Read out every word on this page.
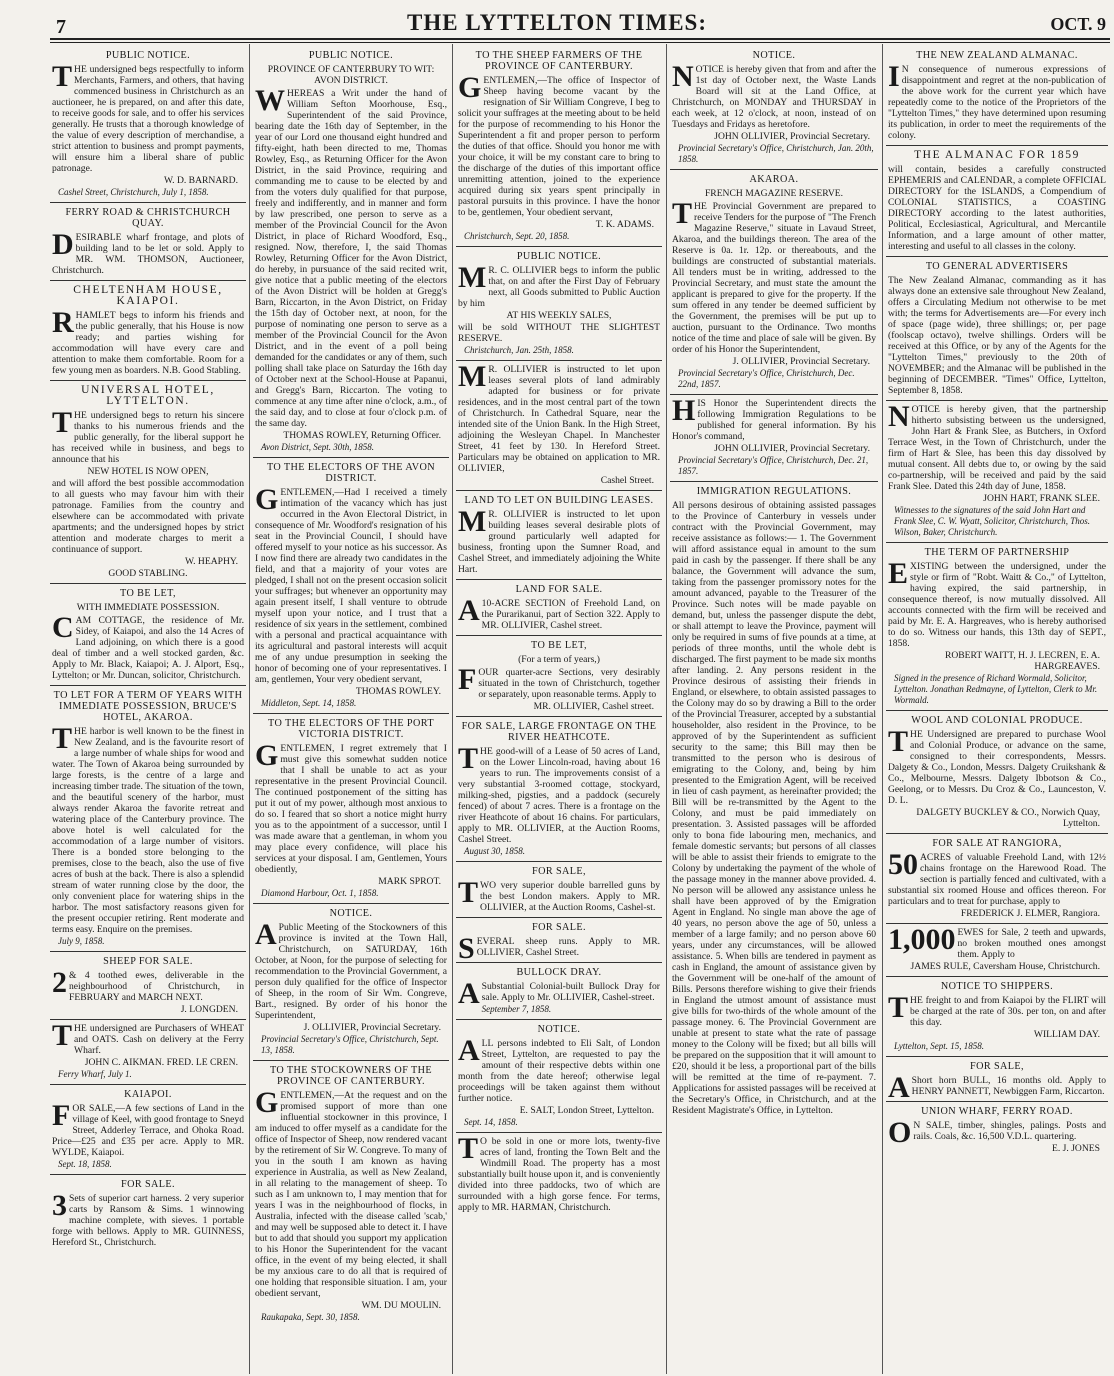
7	THE LYTTELTON TIMES:	OCT. 9
PUBLIC NOTICE.
THE undersigned begs respectfully to inform Merchants, Farmers, and others, that having commenced business in Christchurch as an auctioneer, he is prepared, on and after this date, to receive goods for sale, and to offer his services generally. He trusts that a thorough knowledge of the value of every description of merchandise, a strict attention to business and prompt payments, will ensure him a liberal share of public patronage.
W. D. BARNARD.
Cashel Street, Christchurch, July 1, 1858.
FERRY ROAD & CHRISTCHURCH QUAY.
DESIRABLE wharf frontage, and plots of building land to be let or sold. Apply to MR. WM. THOMSON, Auctioneer, Christchurch.
CHELTENHAM HOUSE, KAIAPOI.
RHAMLET begs to inform his friends and the public generally, that his House is now ready; and parties wishing for accommodation will have every care and attention to make them comfortable. Room for a few young men as boarders. N.B. Good Stabling.
UNIVERSAL HOTEL, LYTTELTON.
THE undersigned begs to return his sincere thanks to his numerous friends and the public generally, for the liberal support he has received while in business, and begs to announce that his
NEW HOTEL IS NOW OPEN,
and will afford the best possible accommodation to all guests who may favour him with their patronage. Families from the country and elsewhere can be accommodated with private apartments; and the undersigned hopes by strict attention and moderate charges to merit a continuance of support.
W. HEAPHY.
GOOD STABLING.
TO BE LET,
WITH IMMEDIATE POSSESSION.
CAM COTTAGE, the residence of Mr. Sidey, of Kaiapoi, and also the 14 Acres of Land adjoining, on which there is a good deal of timber and a well stocked garden, &c. Apply to Mr. Black, Kaiapoi; A. J. Alport, Esq., Lyttelton; or Mr. Duncan, solicitor, Christchurch.
TO LET FOR A TERM OF YEARS WITH IMMEDIATE POSSESSION, BRUCE'S HOTEL, AKAROA.
THE harbor is well known to be the finest in New Zealand, and is the favourite resort of a large number of whale ships for wood and water. The Town of Akaroa being surrounded by large forests, is the centre of a large and increasing timber trade. The situation of the town, and the beautiful scenery of the harbor, must always render Akaroa the favorite retreat and watering place of the Canterbury province. The above hotel is well calculated for the accommodation of a large number of visitors. There is a bonded store belonging to the premises, close to the beach, also the use of five acres of bush at the back. There is also a splendid stream of water running close by the door, the only convenient place for watering ships in the harbor. The most satisfactory reasons given for the present occupier retiring. Rent moderate and terms easy. Enquire on the premises.
July 9, 1858.
SHEEP FOR SALE.
2 & 4 toothed ewes, deliverable in the neighbourhood of Christchurch, in FEBRUARY and MARCH NEXT.
J. LONGDEN.
THE undersigned are Purchasers of WHEAT and OATS. Cash on delivery at the Ferry Wharf.
JOHN C. AIKMAN. FRED. LE CREN.
Ferry Wharf, July 1.
KAIAPOI.
FOR SALE,—A few sections of Land in the village of Keel, with good frontage to Sneyd Street, Adderley Terrace, and Ohoka Road. Price—£25 and £35 per acre. Apply to MR. WYLDE, Kaiapoi.
Sept. 18, 1858.
FOR SALE.
3 Sets of superior cart harness. 2 very superior carts by Ransom & Sims. 1 winnowing machine complete, with sieves. 1 portable forge with bellows. Apply to MR. GUINNESS, Hereford St., Christchurch.
PUBLIC NOTICE.
PROVINCE OF CANTERBURY TO WIT: AVON DISTRICT.
WHEREAS a Writ under the hand of William Sefton Moorhouse, Esq., Superintendent of the said Province, bearing date the 16th day of September, in the year of our Lord one thousand eight hundred and fifty-eight, hath been directed to me, Thomas Rowley, Esq., as Returning Officer for the Avon District, in the said Province, requiring and commanding me to cause to be elected by and from the voters duly qualified for that purpose, freely and indifferently, and in manner and form by law prescribed, one person to serve as a member of the Provincial Council for the Avon District, in place of Richard Woodford, Esq., resigned. Now, therefore, I, the said Thomas Rowley, Returning Officer for the Avon District, do hereby, in pursuance of the said recited writ, give notice that a public meeting of the electors of the Avon District will be holden at Gregg's Barn, Riccarton, in the Avon District, on Friday the 15th day of October next, at noon, for the purpose of nominating one person to serve as a member of the Provincial Council for the Avon District, and in the event of a poll being demanded for the candidates or any of them, such polling shall take place on Saturday the 16th day of October next at the School-House at Papanui, and Gregg's Barn, Riccarton. The voting to commence at any time after nine o'clock, a.m., of the said day, and to close at four o'clock p.m. of the same day.
THOMAS ROWLEY, Returning Officer.
Avon District, Sept. 30th, 1858.
TO THE ELECTORS OF THE AVON DISTRICT.
GENTLEMEN,—Had I received a timely intimation of the vacancy which has just occurred in the Avon Electoral District, in consequence of Mr. Woodford's resignation of his seat in the Provincial Council, I should have offered myself to your notice as his successor. As I now find there are already two candidates in the field, and that a majority of your votes are pledged, I shall not on the present occasion solicit your suffrages; but whenever an opportunity may again present itself, I shall venture to obtrude myself upon your notice, and I trust that a residence of six years in the settlement, combined with a personal and practical acquaintance with its agricultural and pastoral interests will acquit me of any undue presumption in seeking the honor of becoming one of your representatives. I am, gentlemen, Your very obedient servant,
THOMAS ROWLEY.
Middleton, Sept. 14, 1858.
TO THE ELECTORS OF THE PORT VICTORIA DISTRICT.
GENTLEMEN, I regret extremely that I must give this somewhat sudden notice that I shall be unable to act as your representative in the present Provincial Council. The continued postponement of the sitting has put it out of my power, although most anxious to do so. I feared that so short a notice might hurry you as to the appointment of a successor, until I was made aware that a gentleman, in whom you may place every confidence, will place his services at your disposal. I am, Gentlemen, Yours obediently,
MARK SPROT.
Diamond Harbour, Oct. 1, 1858.
NOTICE.
A Public Meeting of the Stockowners of this province is invited at the Town Hall, Christchurch, on SATURDAY, 16th October, at Noon, for the purpose of selecting for recommendation to the Provincial Government, a person duly qualified for the office of Inspector of Sheep, in the room of Sir Wm. Congreve, Bart., resigned. By order of his honor the Superintendent,
J. OLLIVIER, Provincial Secretary.
Provincial Secretary's Office, Christchurch, Sept. 13, 1858.
TO THE STOCKOWNERS OF THE PROVINCE OF CANTERBURY.
GENTLEMEN,—At the request and on the promised support of more than one influential stockowner in this province, I am induced to offer myself as a candidate for the office of Inspector of Sheep, now rendered vacant by the retirement of Sir W. Congreve. To many of you in the south I am known as having experience in Australia, as well as New Zealand, in all relating to the management of sheep. To such as I am unknown to, I may mention that for years I was in the neighbourhood of flocks, in Australia, infected with the disease called 'scab,' and may well be supposed able to detect it. I have but to add that should you support my application to his Honor the Superintendent for the vacant office, in the event of my being elected, it shall be my anxious care to do all that is required of one holding that responsible situation. I am, your obedient servant,
WM. DU MOULIN.
Raukapaka, Sept. 30, 1858.
TO THE SHEEP FARMERS OF THE PROVINCE OF CANTERBURY.
GENTLEMEN,—The office of Inspector of Sheep having become vacant by the resignation of Sir William Congreve, I beg to solicit your suffrages at the meeting about to be held for the purpose of recommending to his Honor the Superintendent a fit and proper person to perform the duties of that office. Should you honor me with your choice, it will be my constant care to bring to the discharge of the duties of this important office unremitting attention, joined to the experience acquired during six years spent principally in pastoral pursuits in this province. I have the honor to be, gentlemen, Your obedient servant,
T. K. ADAMS.
Christchurch, Sept. 20, 1858.
PUBLIC NOTICE.
M R. C. OLLIVIER begs to inform the public that, on and after the First Day of February next, all Goods submitted to Public Auction by him
AT HIS WEEKLY SALES,
will be sold WITHOUT THE SLIGHTEST RESERVE.
Christchurch, Jan. 25th, 1858.
M R. OLLIVIER is instructed to let upon leases several plots of land admirably adapted for business or for private residences, and in the most central part of the town of Christchurch. In Cathedral Square, near the intended site of the Union Bank. In the High Street, adjoining the Wesleyan Chapel. In Manchester Street, 41 feet by 130. In Hereford Street. Particulars may be obtained on application to MR. OLLIVIER,
Cashel Street.
LAND TO LET ON BUILDING LEASES.
M R. OLLIVIER is instructed to let upon building leases several desirable plots of ground particularly well adapted for business, fronting upon the Sumner Road, and Cashel Street, and immediately adjoining the White Hart.
LAND FOR SALE.
A 10-ACRE SECTION of Freehold Land, on the Purarikanui, part of Section 322. Apply to MR. OLLIVIER, Cashel street.
TO BE LET,
(For a term of years,)
FOUR quarter-acre Sections, very desirably situated in the town of Christchurch, together or separately, upon reasonable terms. Apply to
MR. OLLIVIER, Cashel street.
FOR SALE, LARGE FRONTAGE ON THE RIVER HEATHCOTE.
THE good-will of a Lease of 50 acres of Land, on the Lower Lincoln-road, having about 16 years to run. The improvements consist of a very substantial 3-roomed cottage, stockyard, milking-shed, pigsties, and a paddock (securely fenced) of about 7 acres. There is a frontage on the river Heathcote of about 16 chains. For particulars, apply to MR. OLLIVIER, at the Auction Rooms, Cashel Street.
August 30, 1858.
FOR SALE,
TWO very superior double barrelled guns by the best London makers. Apply to MR. OLLIVIER, at the Auction Rooms, Cashel-st.
FOR SALE.
SEVERAL sheep runs. Apply to MR. OLLIVIER, Cashel Street.
BULLOCK DRAY.
A Substantial Colonial-built Bullock Dray for sale. Apply to Mr. OLLIVIER, Cashel-street.
September 7, 1858.
NOTICE.
ALL persons indebted to Eli Salt, of London Street, Lyttelton, are requested to pay the amount of their respective debts within one month from the date hereof; otherwise legal proceedings will be taken against them without further notice.
E. SALT, London Street, Lyttelton.
Sept. 14, 1858.
T O be sold in one or more lots, twenty-five acres of land, fronting the Town Belt and the Windmill Road. The property has a most substantially built house upon it, and is conveniently divided into three paddocks, two of which are surrounded with a high gorse fence. For terms, apply to MR. HARMAN, Christchurch.
NOTICE.
NOTICE is hereby given that from and after the 1st day of October next, the Waste Lands Board will sit at the Land Office, at Christchurch, on MONDAY and THURSDAY in each week, at 12 o'clock, at noon, instead of on Tuesdays and Fridays as heretofore.
JOHN OLLIVIER, Provincial Secretary.
Provincial Secretary's Office, Christchurch, Jan. 20th, 1858.
AKAROA.
FRENCH MAGAZINE RESERVE.
THE Provincial Government are prepared to receive Tenders for the purpose of "The French Magazine Reserve," situate in Lavaud Street, Akaroa, and the buildings thereon. The area of the Reserve is 0a. 1r. 12p. or thereabouts, and the buildings are constructed of substantial materials. All tenders must be in writing, addressed to the Provincial Secretary, and must state the amount the applicant is prepared to give for the property. If the sum offered in any tender be deemed sufficient by the Government, the premises will be put up to auction, pursuant to the Ordinance. Two months notice of the time and place of sale will be given. By order of his Honor the Superintendent,
J. OLLIVIER, Provincial Secretary.
Provincial Secretary's Office, Christchurch, Dec. 22nd, 1857.
HIS Honor the Superintendent directs the following Immigration Regulations to be published for general information. By his Honor's command,
JOHN OLLIVIER, Provincial Secretary.
Provincial Secretary's Office, Christchurch, Dec. 21, 1857.
IMMIGRATION REGULATIONS.
All persons desirous of obtaining assisted passages to the Province of Canterbury in vessels under contract with the Provincial Government, may receive assistance as follows:— 1. The Government will afford assistance equal in amount to the sum paid in cash by the passenger. If there shall be any balance, the Government will advance the sum, taking from the passenger promissory notes for the amount advanced, payable to the Treasurer of the Province. Such notes will be made payable on demand, but, unless the passenger dispute the debt, or shall attempt to leave the Province, payment will only be required in sums of five pounds at a time, at periods of three months, until the whole debt is discharged. The first payment to be made six months after landing. 2. Any persons resident in the Province desirous of assisting their friends in England, or elsewhere, to obtain assisted passages to the Colony may do so by drawing a Bill to the order of the Provincial Treasurer, accepted by a substantial householder, also resident in the Province, to be approved of by the Superintendent as sufficient security to the same; this Bill may then be transmitted to the person who is desirous of emigrating to the Colony, and, being by him presented to the Emigration Agent, will be received in lieu of cash payment, as hereinafter provided; the Bill will be re-transmitted by the Agent to the Colony, and must be paid immediately on presentation. 3. Assisted passages will be afforded only to bona fide labouring men, mechanics, and female domestic servants; but persons of all classes will be able to assist their friends to emigrate to the Colony by undertaking the payment of the whole of the passage money in the manner above provided. 4. No person will be allowed any assistance unless he shall have been approved of by the Emigration Agent in England. No single man above the age of 40 years, no person above the age of 50, unless a member of a large family; and no person above 60 years, under any circumstances, will be allowed assistance. 5. When bills are tendered in payment as cash in England, the amount of assistance given by the Government will be one-half of the amount of Bills. Persons therefore wishing to give their friends in England the utmost amount of assistance must give bills for two-thirds of the whole amount of the passage money. 6. The Provincial Government are unable at present to state what the rate of passage money to the Colony will be fixed; but all bills will be prepared on the supposition that it will amount to £20, should it be less, a proportional part of the bills will be remitted at the time of re-payment. 7. Applications for assisted passages will be received at the Secretary's Office, in Christchurch, and at the Resident Magistrate's Office, in Lyttelton.
THE NEW ZEALAND ALMANAC.
I N consequence of numerous expressions of disappointment and regret at the non-publication of the above work for the current year which have repeatedly come to the notice of the Proprietors of the "Lyttelton Times," they have determined upon resuming its publication, in order to meet the requirements of the colony.
THE ALMANAC FOR 1859
will contain, besides a carefully constructed EPHEMERIS and CALENDAR, a complete OFFICIAL DIRECTORY for the ISLANDS, a Compendium of COLONIAL STATISTICS, a COASTING DIRECTORY according to the latest authorities, Political, Ecclesiastical, Agricultural, and Mercantile Information, and a large amount of other matter, interesting and useful to all classes in the colony.
TO GENERAL ADVERTISERS
The New Zealand Almanac, commanding as it has always done an extensive sale throughout New Zealand, offers a Circulating Medium not otherwise to be met with; the terms for Advertisements are—For every inch of space (page wide), three shillings; or, per page (foolscap octavo), twelve shillings. Orders will be received at this Office, or by any of the Agents for the "Lyttelton Times," previously to the 20th of NOVEMBER; and the Almanac will be published in the beginning of DECEMBER. "Times" Office, Lyttelton, September 8, 1858.
NOTICE is hereby given, that the partnership hitherto subsisting between us the undersigned, John Hart & Frank Slee, as Butchers, in Oxford Terrace West, in the Town of Christchurch, under the firm of Hart & Slee, has been this day dissolved by mutual consent. All debts due to, or owing by the said co-partnership, will be received and paid by the said Frank Slee. Dated this 24th day of June, 1858.
JOHN HART, FRANK SLEE.
Witnesses to the signatures of the said John Hart and Frank Slee, C. W. Wyatt, Solicitor, Christchurch, Thos. Wilson, Baker, Christchurch.
THE TERM OF PARTNERSHIP
EXISTING between the undersigned, under the style or firm of "Robt. Waitt & Co.," of Lyttelton, having expired, the said partnership, in consequence thereof, is now mutually dissolved. All accounts connected with the firm will be received and paid by Mr. E. A. Hargreaves, who is hereby authorised to do so. Witness our hands, this 13th day of SEPT., 1858.
ROBERT WAITT, H. J. LECREN, E. A. HARGREAVES.
Signed in the presence of Richard Wormald, Solicitor, Lyttelton. Jonathan Redmayne, of Lyttelton, Clerk to Mr. Wormald.
WOOL AND COLONIAL PRODUCE.
THE Undersigned are prepared to purchase Wool and Colonial Produce, or advance on the same, consigned to their correspondents, Messrs. Dalgety & Co., London, Messrs. Dalgety Cruikshank & Co., Melbourne, Messrs. Dalgety Ibbotson & Co., Geelong, or to Messrs. Du Croz & Co., Launceston, V. D. L.
DALGETY BUCKLEY & CO., Norwich Quay, Lyttelton.
FOR SALE AT RANGIORA,
50 ACRES of valuable Freehold Land, with 12½ chains frontage on the Harewood Road. The section is partially fenced and cultivated, with a substantial six roomed House and offices thereon. For particulars and to treat for purchase, apply to
FREDERICK J. ELMER, Rangiora.
1,000 EWES for Sale, 2 teeth and upwards, no broken mouthed ones amongst them. Apply to
JAMES RULE, Caversham House, Christchurch.
NOTICE TO SHIPPERS.
THE freight to and from Kaiapoi by the FLIRT will be charged at the rate of 30s. per ton, on and after this day.
WILLIAM DAY.
Lyttelton, Sept. 15, 1858.
FOR SALE,
A Short horn BULL, 16 months old. Apply to HENRY PANNETT, Newbiggen Farm, Riccarton.
UNION WHARF, FERRY ROAD.
O N SALE, timber, shingles, palings. Posts and rails. Coals, &c. 16,500 V.D.L. quartering.
E. J. JONES
